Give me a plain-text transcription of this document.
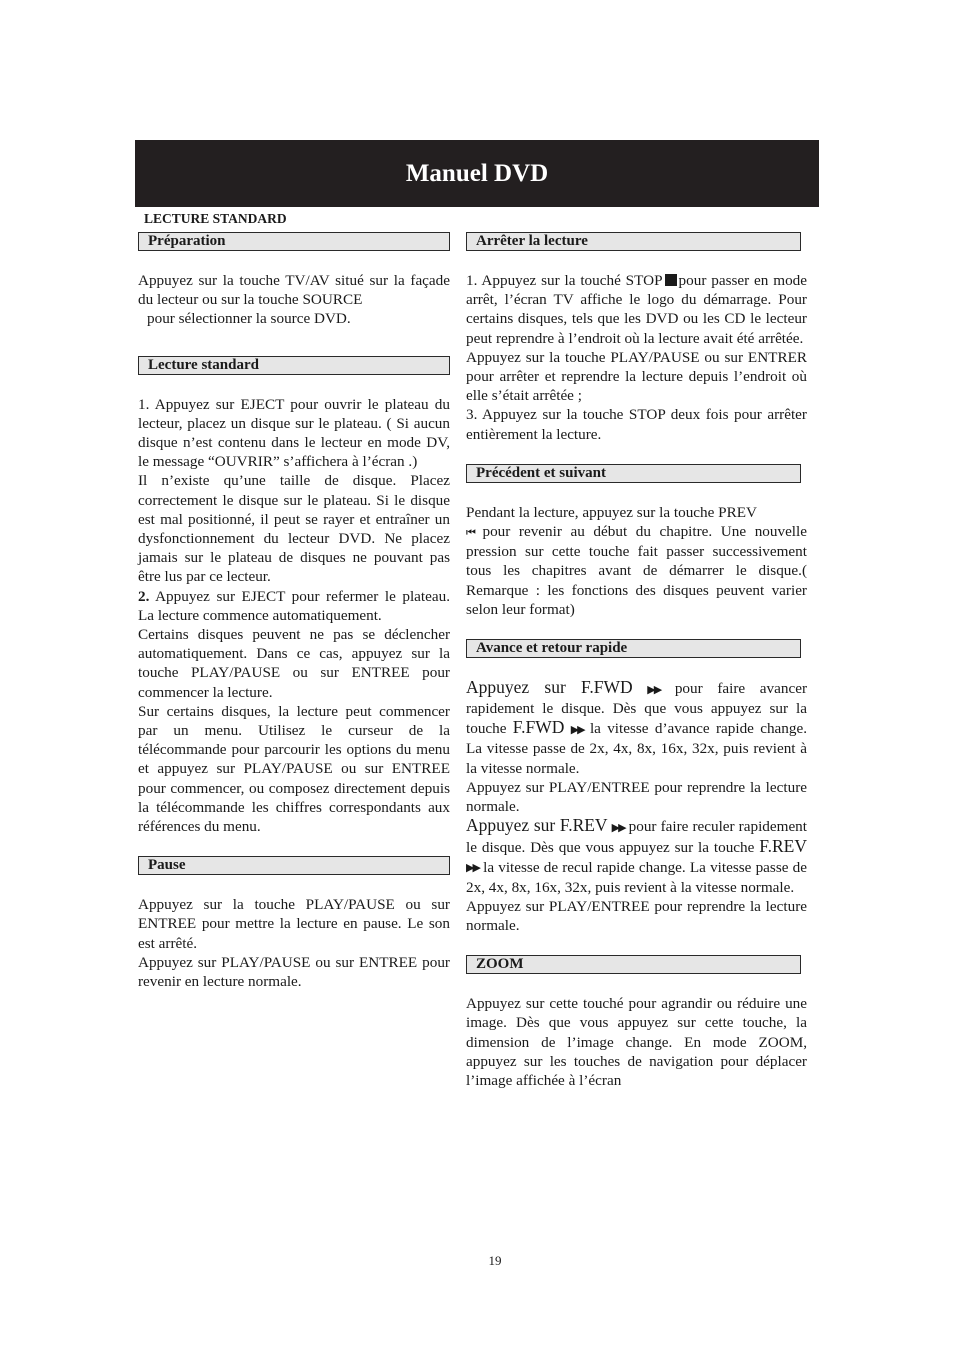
Manuel DVD
LECTURE STANDARD
Préparation

Appuyez sur la touche TV/AV situé sur la façade du lecteur ou sur la touche SOURCE
pour sélectionner la source DVD.

Lecture standard

1. Appuyez sur EJECT pour ouvrir le plateau du lecteur, placez un disque sur le plateau. ( Si aucun disque n’est contenu dans le lecteur en mode DV, le message “OUVRIR” s’affichera à l’écran .)

Il n’existe qu’une taille de disque. Placez correctement le disque sur le plateau. Si le disque est mal positionné, il peut se rayer et entraîner un dysfonctionnement du lecteur DVD. Ne placez jamais sur le plateau de disques ne pouvant pas être lus par ce lecteur.

2. Appuyez sur EJECT pour refermer le plateau. La lecture commence automatiquement.

Certains disques peuvent ne pas se déclencher automatiquement. Dans ce cas, appuyez sur la touche PLAY/PAUSE ou sur ENTREE pour commencer la lecture.

Sur certains disques, la lecture peut commencer par un menu. Utilisez le curseur de la télécommande pour parcourir les options du menu et appuyez sur PLAY/PAUSE ou sur ENTREE pour commencer, ou composez directement depuis la télécommande les chiffres correspondants aux références du menu.

Pause

Appuyez sur la touche PLAY/PAUSE ou sur ENTREE pour mettre la lecture en pause. Le son est arrêté.

Appuyez sur PLAY/PAUSE ou sur ENTREE pour revenir en lecture normale.

Arrêter la lecture

1. Appuyez sur la touché STOP pour passer en mode arrêt, l’écran TV affiche le logo du démarrage. Pour certains disques, tels que les DVD ou les CD le lecteur peut reprendre à l’endroit où la lecture avait été arrêtée.

Appuyez sur la touche PLAY/PAUSE ou sur ENTRER pour arrêter et reprendre la lecture depuis l’endroit où elle s’était arrêtée ;

3. Appuyez sur la touche STOP deux fois pour arrêter entièrement la lecture.

Précédent et suivant

Pendant la lecture, appuyez sur la touche PREV
⏮ pour revenir au début du chapitre. Une nouvelle pression sur cette touche fait passer successivement tous les chapitres avant de démarrer le disque.( Remarque : les fonctions des disques peuvent varier selon leur format)

Avance et retour rapide

Appuyez sur F.FWD ▶▶ pour faire avancer rapidement le disque. Dès que vous appuyez sur la touche F.FWD ▶▶ la vitesse d’avance rapide change. La vitesse passe de 2x, 4x, 8x, 16x, 32x, puis revient à la vitesse normale.

Appuyez sur PLAY/ENTREE pour reprendre la lecture normale.

Appuyez sur F.REV ▶▶ pour faire reculer rapidement le disque. Dès que vous appuyez sur la touche F.REV ▶▶ la vitesse de recul rapide change. La vitesse passe de 2x, 4x, 8x, 16x, 32x, puis revient à la vitesse normale.

Appuyez sur PLAY/ENTREE pour reprendre la lecture normale.

ZOOM

Appuyez sur cette touché pour agrandir ou réduire une image. Dès que vous appuyez sur cette touche, la dimension de l’image change. En mode ZOOM, appuyez sur les touches de navigation pour déplacer l’image affichée à l’écran

19
